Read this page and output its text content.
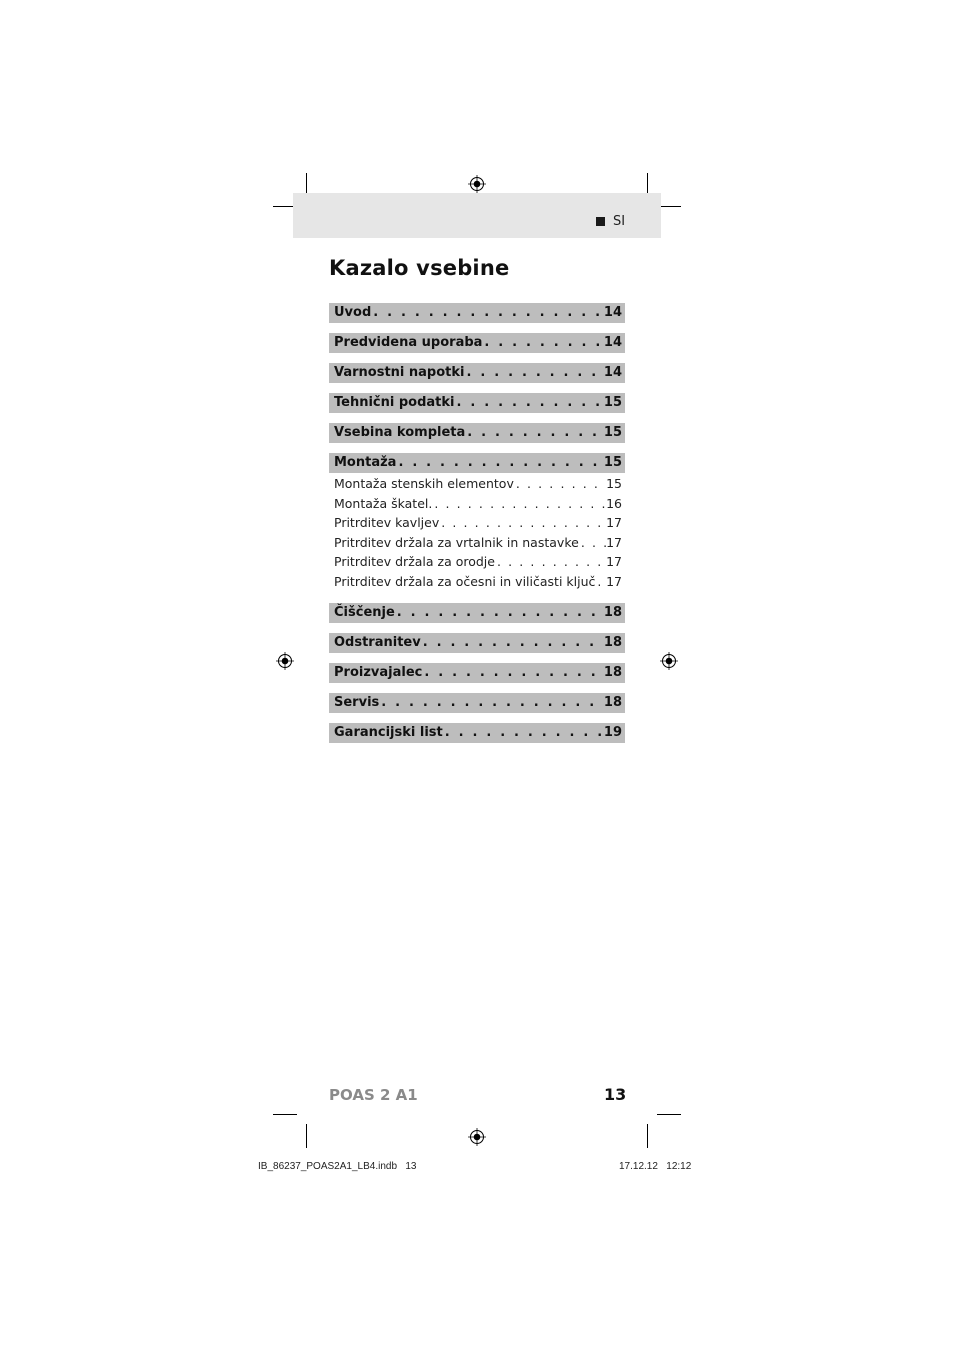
SI
Kazalo vsebine
Uvod . . .	14
Predvidena uporaba . . .	14
Varnostni napotki . . .	14
Tehnični podatki . . .	15
Vsebina kompleta . . .	15
Montaža . . .	15
Montaža stenskih elementov . . .	15
Montaža škatel. . . .	16
Pritrditev kavljev . . .	17
Pritrditev držala za vrtalnik in nastavke . . . 17
Pritrditev držala za orodje . . .	17
Pritrditev držala za očesni in viličasti ključ . . . 17
Čiščenje . . .	18
Odstranitev . . .	18
Proizvajalec . . .	18
Servis . . .	18
Garancijski list . . .	19
POAS 2 A1	13
IB_86237_POAS2A1_LB4.indb   13	17.12.12   12:12
